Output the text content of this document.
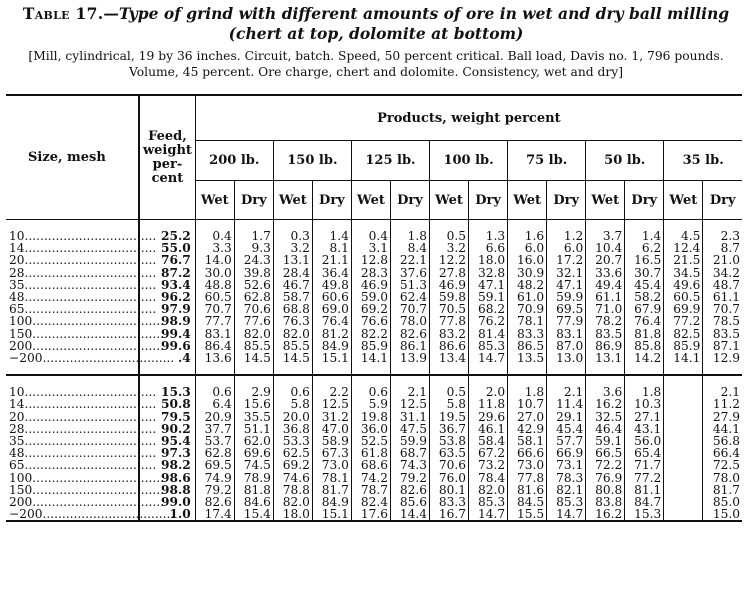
Table 17.—Type of grind with different amounts of ore in wet and dry ball milling (chert at top, dolomite at bottom)
[Mill, cylindrical, 19 by 36 inches. Circuit, batch. Speed, 50 percent critical. Ball load, Davis no. 1, 796 pounds. Volume, 45 percent. Ore charge, chert and dolomite. Consistency, wet and dry]
Size, mesh	Feed,
weight
per-
cent	Products, weight percent													
		200 lb.		150 lb.		125 lb.		100 lb.		75 lb.		50 lb.		35 lb.	
		Wet	Dry	Wet	Dry	Wet	Dry	Wet	Dry	Wet	Dry	Wet	Dry	Wet	Dry

10..................................	25.2	0.4	1.7	0.3	1.4	0.4	1.8	0.5	1.3	1.6	1.2	3.7	1.4	4.5	2.3
14..................................	55.0	3.3	9.3	3.2	8.1	3.1	8.4	3.2	6.6	6.0	6.0	10.4	6.2	12.4	8.7
20..................................	76.7	14.0	24.3	13.1	21.1	12.8	22.1	12.2	18.0	16.0	17.2	20.7	16.5	21.5	21.0
28..................................	87.2	30.0	39.8	28.4	36.4	28.3	37.6	27.8	32.8	30.9	32.1	33.6	30.7	34.5	34.2
35..................................	93.4	48.8	52.6	46.7	49.8	46.9	51.3	46.9	47.1	48.2	47.1	49.4	45.4	49.6	48.7
48..................................	96.2	60.5	62.8	58.7	60.6	59.0	62.4	59.8	59.1	61.0	59.9	61.1	58.2	60.5	61.1
65..................................	97.9	70.7	70.6	68.8	69.0	69.2	70.7	70.5	68.2	70.9	69.5	71.0	67.9	69.9	70.7
100..................................	98.9	77.7	77.6	76.3	76.4	76.6	78.0	77.8	76.2	78.1	77.9	78.2	76.4	77.2	78.5
150..................................	99.4	83.1	82.0	82.0	81.2	82.2	82.6	83.2	81.4	83.3	83.1	83.5	81.8	82.5	83.5
200..................................	99.6	86.4	85.5	85.5	84.9	85.9	86.1	86.6	85.3	86.5	87.0	86.9	85.8	85.9	87.1
−200..................................	.4	13.6	14.5	14.5	15.1	14.1	13.9	13.4	14.7	13.5	13.0	13.1	14.2	14.1	12.9

10..................................	15.3	0.6	2.9	0.6	2.2	0.6	2.1	0.5	2.0	1.8	2.1	3.6	1.8		2.1
14..................................	50.8	6.4	15.6	5.8	12.5	5.9	12.5	5.8	11.8	10.7	11.4	16.2	10.3		11.2
20..................................	79.5	20.9	35.5	20.0	31.2	19.8	31.1	19.5	29.6	27.0	29.1	32.5	27.1		27.9
28..................................	90.2	37.7	51.1	36.8	47.0	36.0	47.5	36.7	46.1	42.9	45.4	46.4	43.1		44.1
35..................................	95.4	53.7	62.0	53.3	58.9	52.5	59.9	53.8	58.4	58.1	57.7	59.1	56.0		56.8
48..................................	97.3	62.8	69.6	62.5	67.3	61.8	68.7	63.5	67.2	66.6	66.9	66.5	65.4		66.4
65..................................	98.2	69.5	74.5	69.2	73.0	68.6	74.3	70.6	73.2	73.0	73.1	72.2	71.7		72.5
100..................................	98.6	74.9	78.9	74.6	78.1	74.2	79.2	76.0	78.4	77.8	78.3	76.9	77.2		78.0
150..................................	98.8	79.2	81.8	78.8	81.7	78.7	82.6	80.1	82.0	81.6	82.1	80.8	81.1		81.7
200..................................	99.0	82.6	84.6	82.0	84.9	82.4	85.6	83.3	85.3	84.5	85.3	83.8	84.7		85.0
−200..................................	1.0	17.4	15.4	18.0	15.1	17.6	14.4	16.7	14.7	15.5	14.7	16.2	15.3		15.0
